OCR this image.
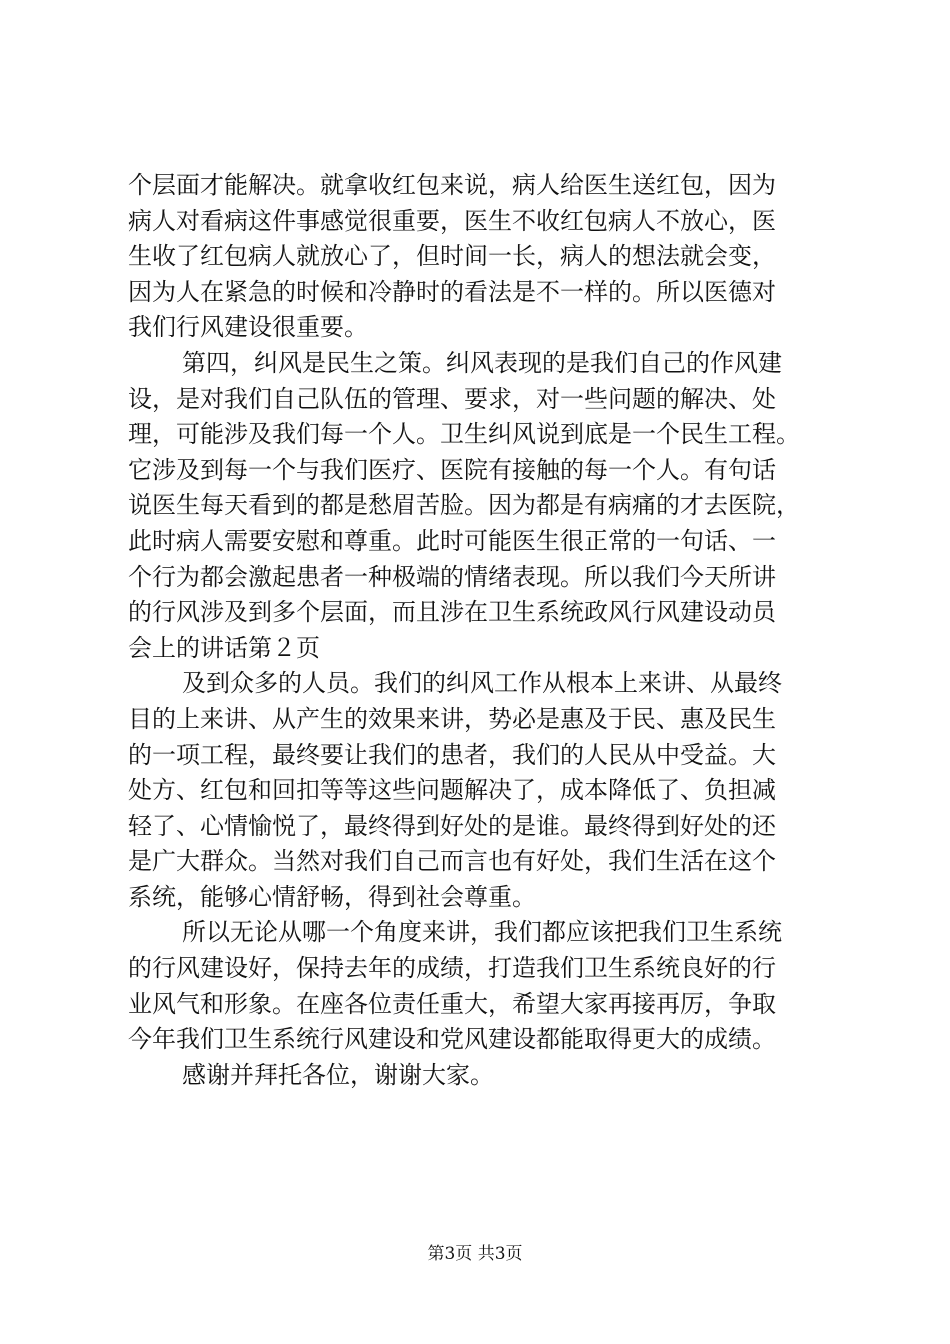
个层面才能解决。就拿收红包来说，病人给医生送红包，因为
病人对看病这件事感觉很重要，医生不收红包病人不放心，医
生收了红包病人就放心了，但时间一长，病人的想法就会变，
因为人在紧急的时候和冷静时的看法是不一样的。所以医德对
我们行风建设很重要。
第四，纠风是民生之策。纠风表现的是我们自己的作风建
设，是对我们自己队伍的管理、要求，对一些问题的解决、处
理，可能涉及我们每一个人。卫生纠风说到底是一个民生工程。
它涉及到每一个与我们医疗、医院有接触的每一个人。有句话
说医生每天看到的都是愁眉苦脸。因为都是有病痛的才去医院，
此时病人需要安慰和尊重。此时可能医生很正常的一句话、一
个行为都会激起患者一种极端的情绪表现。所以我们今天所讲
的行风涉及到多个层面，而且涉在卫生系统政风行风建设动员
会上的讲话第２页
及到众多的人员。我们的纠风工作从根本上来讲、从最终
目的上来讲、从产生的效果来讲，势必是惠及于民、惠及民生
的一项工程，最终要让我们的患者，我们的人民从中受益。大
处方、红包和回扣等等这些问题解决了，成本降低了、负担减
轻了、心情愉悦了，最终得到好处的是谁。最终得到好处的还
是广大群众。当然对我们自己而言也有好处，我们生活在这个
系统，能够心情舒畅，得到社会尊重。
所以无论从哪一个角度来讲，我们都应该把我们卫生系统
的行风建设好，保持去年的成绩，打造我们卫生系统良好的行
业风气和形象。在座各位责任重大，希望大家再接再厉，争取
今年我们卫生系统行风建设和党风建设都能取得更大的成绩。
感谢并拜托各位，谢谢大家。
第3页 共3页
